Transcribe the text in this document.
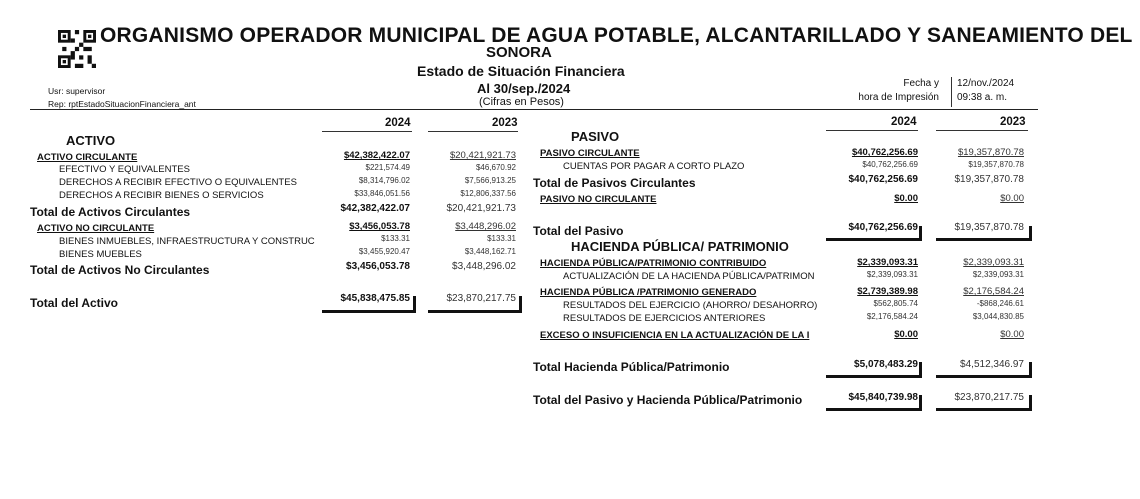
ORGANISMO OPERADOR MUNICIPAL DE AGUA POTABLE, ALCANTARILLADO Y SANEAMIENTO DEL
SONORA
Estado de Situación Financiera
Al 30/sep./2024
(Cifras en Pesos)
Usr: supervisor
Rep: rptEstadoSituacionFinanciera_ant
Fecha y
hora de Impresión
12/nov./2024
09:38 a. m.
2024	2023	2024	2023
ACTIVO
ACTIVO CIRCULANTE	$42,382,422.07	$20,421,921.73
EFECTIVO Y EQUIVALENTES	$221,574.49	$46,670.92
DERECHOS A RECIBIR EFECTIVO O EQUIVALENTES	$8,314,796.02	$7,566,913.25
DERECHOS A RECIBIR BIENES O SERVICIOS	$33,846,051.56	$12,806,337.56
Total de Activos Circulantes	$42,382,422.07	$20,421,921.73
ACTIVO NO CIRCULANTE	$3,456,053.78	$3,448,296.02
BIENES INMUEBLES, INFRAESTRUCTURA Y CONSTRUC	$133.31	$133.31
BIENES MUEBLES	$3,455,920.47	$3,448,162.71
Total de Activos No Circulantes	$3,456,053.78	$3,448,296.02
Total del Activo	$45,838,475.85	$23,870,217.75
PASIVO
PASIVO CIRCULANTE	$40,762,256.69	$19,357,870.78
CUENTAS POR PAGAR A CORTO PLAZO	$40,762,256.69	$19,357,870.78
Total de Pasivos Circulantes	$40,762,256.69	$19,357,870.78
PASIVO NO CIRCULANTE	$0.00	$0.00
Total del Pasivo	$40,762,256.69	$19,357,870.78
HACIENDA PÚBLICA/ PATRIMONIO
HACIENDA PÚBLICA/PATRIMONIO CONTRIBUIDO	$2,339,093.31	$2,339,093.31
ACTUALIZACIÓN DE LA HACIENDA PÚBLICA/PATRIMON	$2,339,093.31	$2,339,093.31
HACIENDA PÚBLICA /PATRIMONIO GENERADO	$2,739,389.98	$2,176,584.24
RESULTADOS DEL EJERCICIO (AHORRO/ DESAHORRO)	$562,805.74	-$868,246.61
RESULTADOS DE EJERCICIOS ANTERIORES	$2,176,584.24	$3,044,830.85
EXCESO O INSUFICIENCIA EN LA ACTUALIZACIÓN DE LA I	$0.00	$0.00
Total Hacienda Pública/Patrimonio	$5,078,483.29	$4,512,346.97
Total del Pasivo y Hacienda Pública/Patrimonio	$45,840,739.98	$23,870,217.75
